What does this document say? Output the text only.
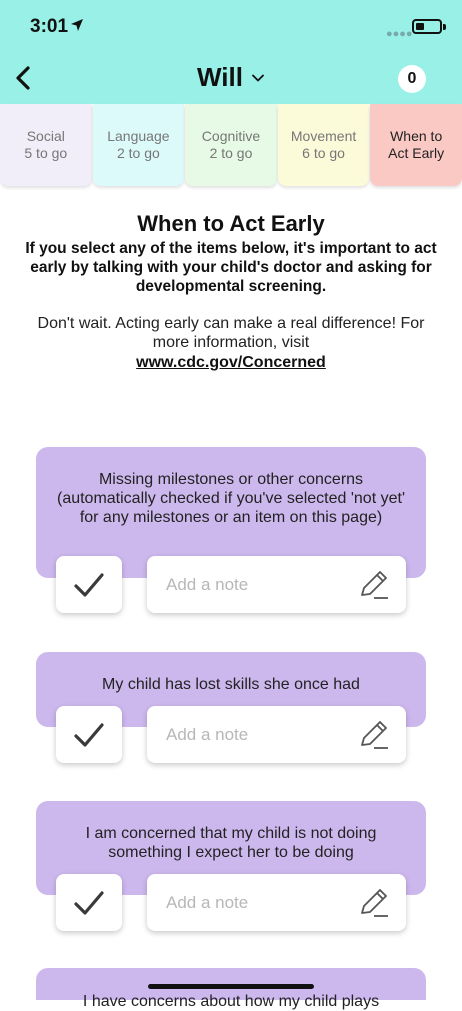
3:01	●●●●
Will	0
Social
5 to go
Language
2 to go
Cognitive
2 to go
Movement
6 to go
When to
Act Early
When to Act Early
If you select any of the items below, it's important to act early by talking with your child's doctor and asking for developmental screening.
Don't wait. Acting early can make a real difference! For more information, visit
www.cdc.gov/Concerned
Missing milestones or other concerns (automatically checked if you've selected 'not yet' for any milestones or an item on this page)
Add a note
My child has lost skills she once had
Add a note
I am concerned that my child is not doing something I expect her to be doing
Add a note
I have concerns about how my child plays
